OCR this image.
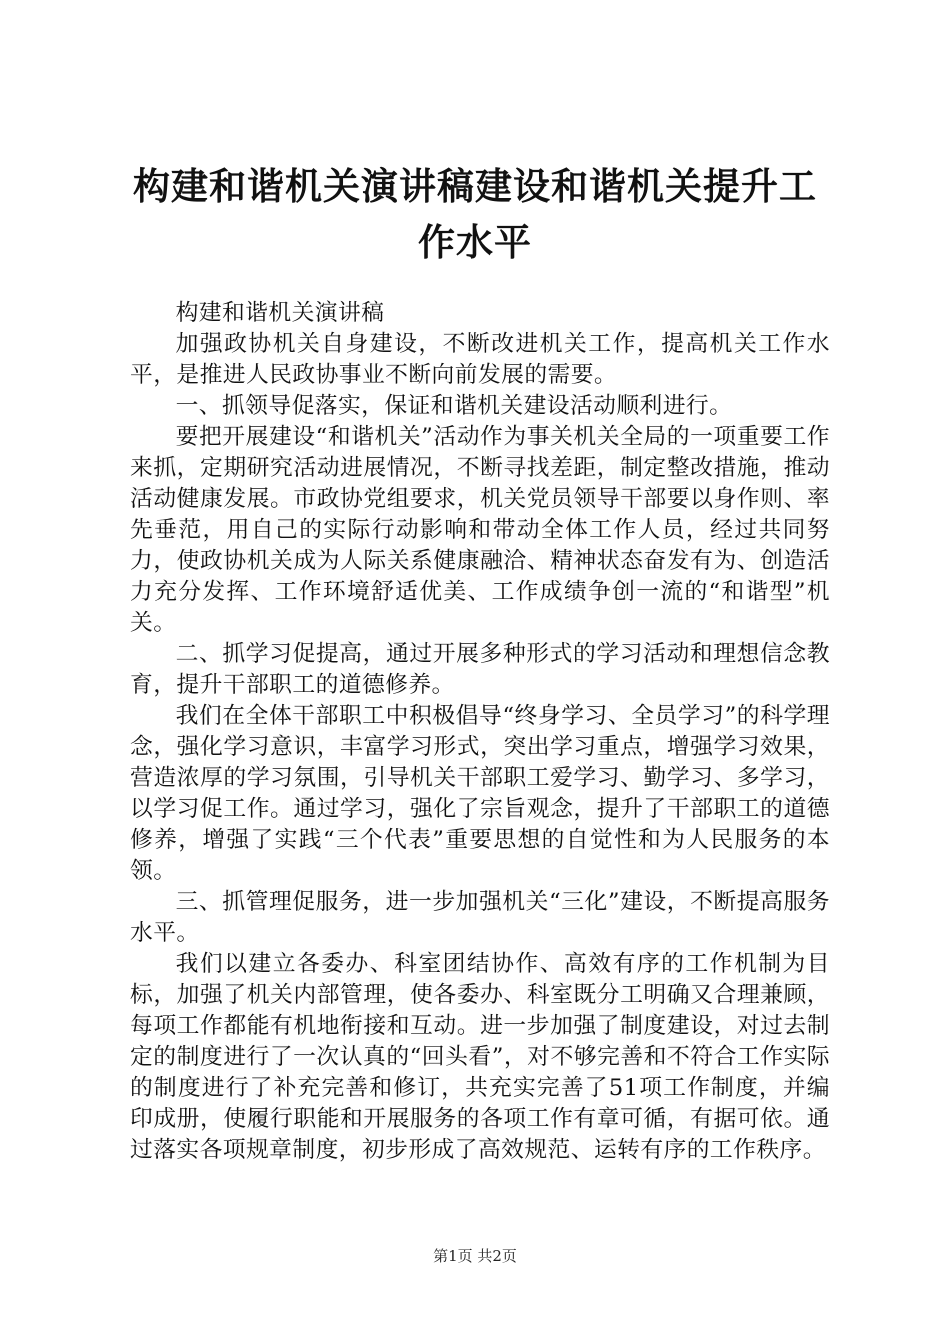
构建和谐机关演讲稿建设和谐机关提升工作水平

构建和谐机关演讲稿

加强政协机关自身建设，不断改进机关工作，提高机关工作水平，是推进人民政协事业不断向前发展的需要。

一、抓领导促落实，保证和谐机关建设活动顺利进行。

要把开展建设“和谐机关”活动作为事关机关全局的一项重要工作来抓，定期研究活动进展情况，不断寻找差距，制定整改措施，推动活动健康发展。市政协党组要求，机关党员领导干部要以身作则、率先垂范，用自己的实际行动影响和带动全体工作人员，经过共同努力，使政协机关成为人际关系健康融洽、精神状态奋发有为、创造活力充分发挥、工作环境舒适优美、工作成绩争创一流的“和谐型”机关。

二、抓学习促提高，通过开展多种形式的学习活动和理想信念教育，提升干部职工的道德修养。

我们在全体干部职工中积极倡导“终身学习、全员学习”的科学理念，强化学习意识，丰富学习形式，突出学习重点，增强学习效果，营造浓厚的学习氛围，引导机关干部职工爱学习、勤学习、多学习，以学习促工作。通过学习，强化了宗旨观念，提升了干部职工的道德修养，增强了实践“三个代表”重要思想的自觉性和为人民服务的本领。

三、抓管理促服务，进一步加强机关“三化”建设，不断提高服务水平。

我们以建立各委办、科室团结协作、高效有序的工作机制为目标，加强了机关内部管理，使各委办、科室既分工明确又合理兼顾，每项工作都能有机地衔接和互动。进一步加强了制度建设，对过去制定的制度进行了一次认真的“回头看”，对不够完善和不符合工作实际的制度进行了补充完善和修订，共充实完善了51项工作制度，并编印成册，使履行职能和开展服务的各项工作有章可循，有据可依。通过落实各项规章制度，初步形成了高效规范、运转有序的工作秩序。

第1页 共2页
